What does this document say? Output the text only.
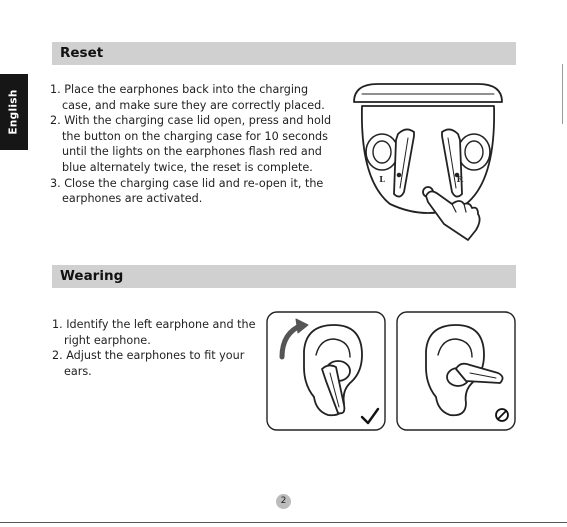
English
Reset
1. Place the earphones back into the charging case, and make sure they are correctly placed.
2. With the charging case lid open, press and hold the button on the charging case for 10 seconds until the lights on the earphones flash red and blue alternately twice, the reset is complete.
3. Close the charging case lid and re-open it, the earphones are activated.
L	R
Wearing
1. Identify the left earphone and the right earphone.
2. Adjust the earphones to fit your ears.
2
